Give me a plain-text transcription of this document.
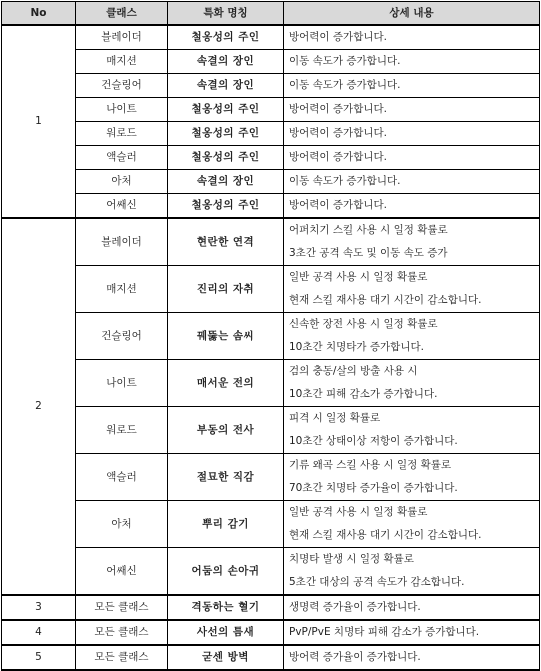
No	클래스	특화 명칭	상세 내용
1	블레이더	철옹성의 주인	방어력이 증가합니다.

	매지션	속결의 장인	이동 속도가 증가합니다.

	건슬링어	속결의 장인	이동 속도가 증가합니다.

	나이트	철옹성의 주인	방어력이 증가합니다.

	워로드	철옹성의 주인	방어력이 증가합니다.

	액슬러	철옹성의 주인	방어력이 증가합니다.

	아처	속결의 장인	이동 속도가 증가합니다.

	어쌔신	철옹성의 주인	방어력이 증가합니다.

2	블레이더	현란한 연격	어퍼치기 스킬 사용 시 일정 확률로
3초간 공격 속도 및 이동 속도 증가

	매지션	진리의 자취	일반 공격 사용 시 일정 확률로
현재 스킬 재사용 대기 시간이 감소합니다.

	건슬링어	꿰뚫는 솜씨	신속한 장전 사용 시 일정 확률로
10초간 치명타가 증가합니다.

	나이트	매서운 전의	검의 충동/살의 방출 사용 시
10초간 피해 감소가 증가합니다.

	워로드	부동의 전사	피격 시 일정 확률로
10초간 상태이상 저항이 증가합니다.

	액슬러	절묘한 직감	기류 왜곡 스킬 사용 시 일정 확률로
70초간 치명타 증가율이 증가합니다.

	아처	뿌리 감기	일반 공격 사용 시 일정 확률로
현재 스킬 재사용 대기 시간이 감소합니다.

	어쌔신	어둠의 손아귀	치명타 발생 시 일정 확률로
5초간 대상의 공격 속도가 감소합니다.

3	모든 클래스	격동하는 혈기	생명력 증가율이 증가합니다.

4	모든 클래스	사선의 틈새	PvP/PvE 치명타 피해 감소가 증가합니다.

5	모든 클래스	굳센 방벽	방어력 증가율이 증가합니다.
